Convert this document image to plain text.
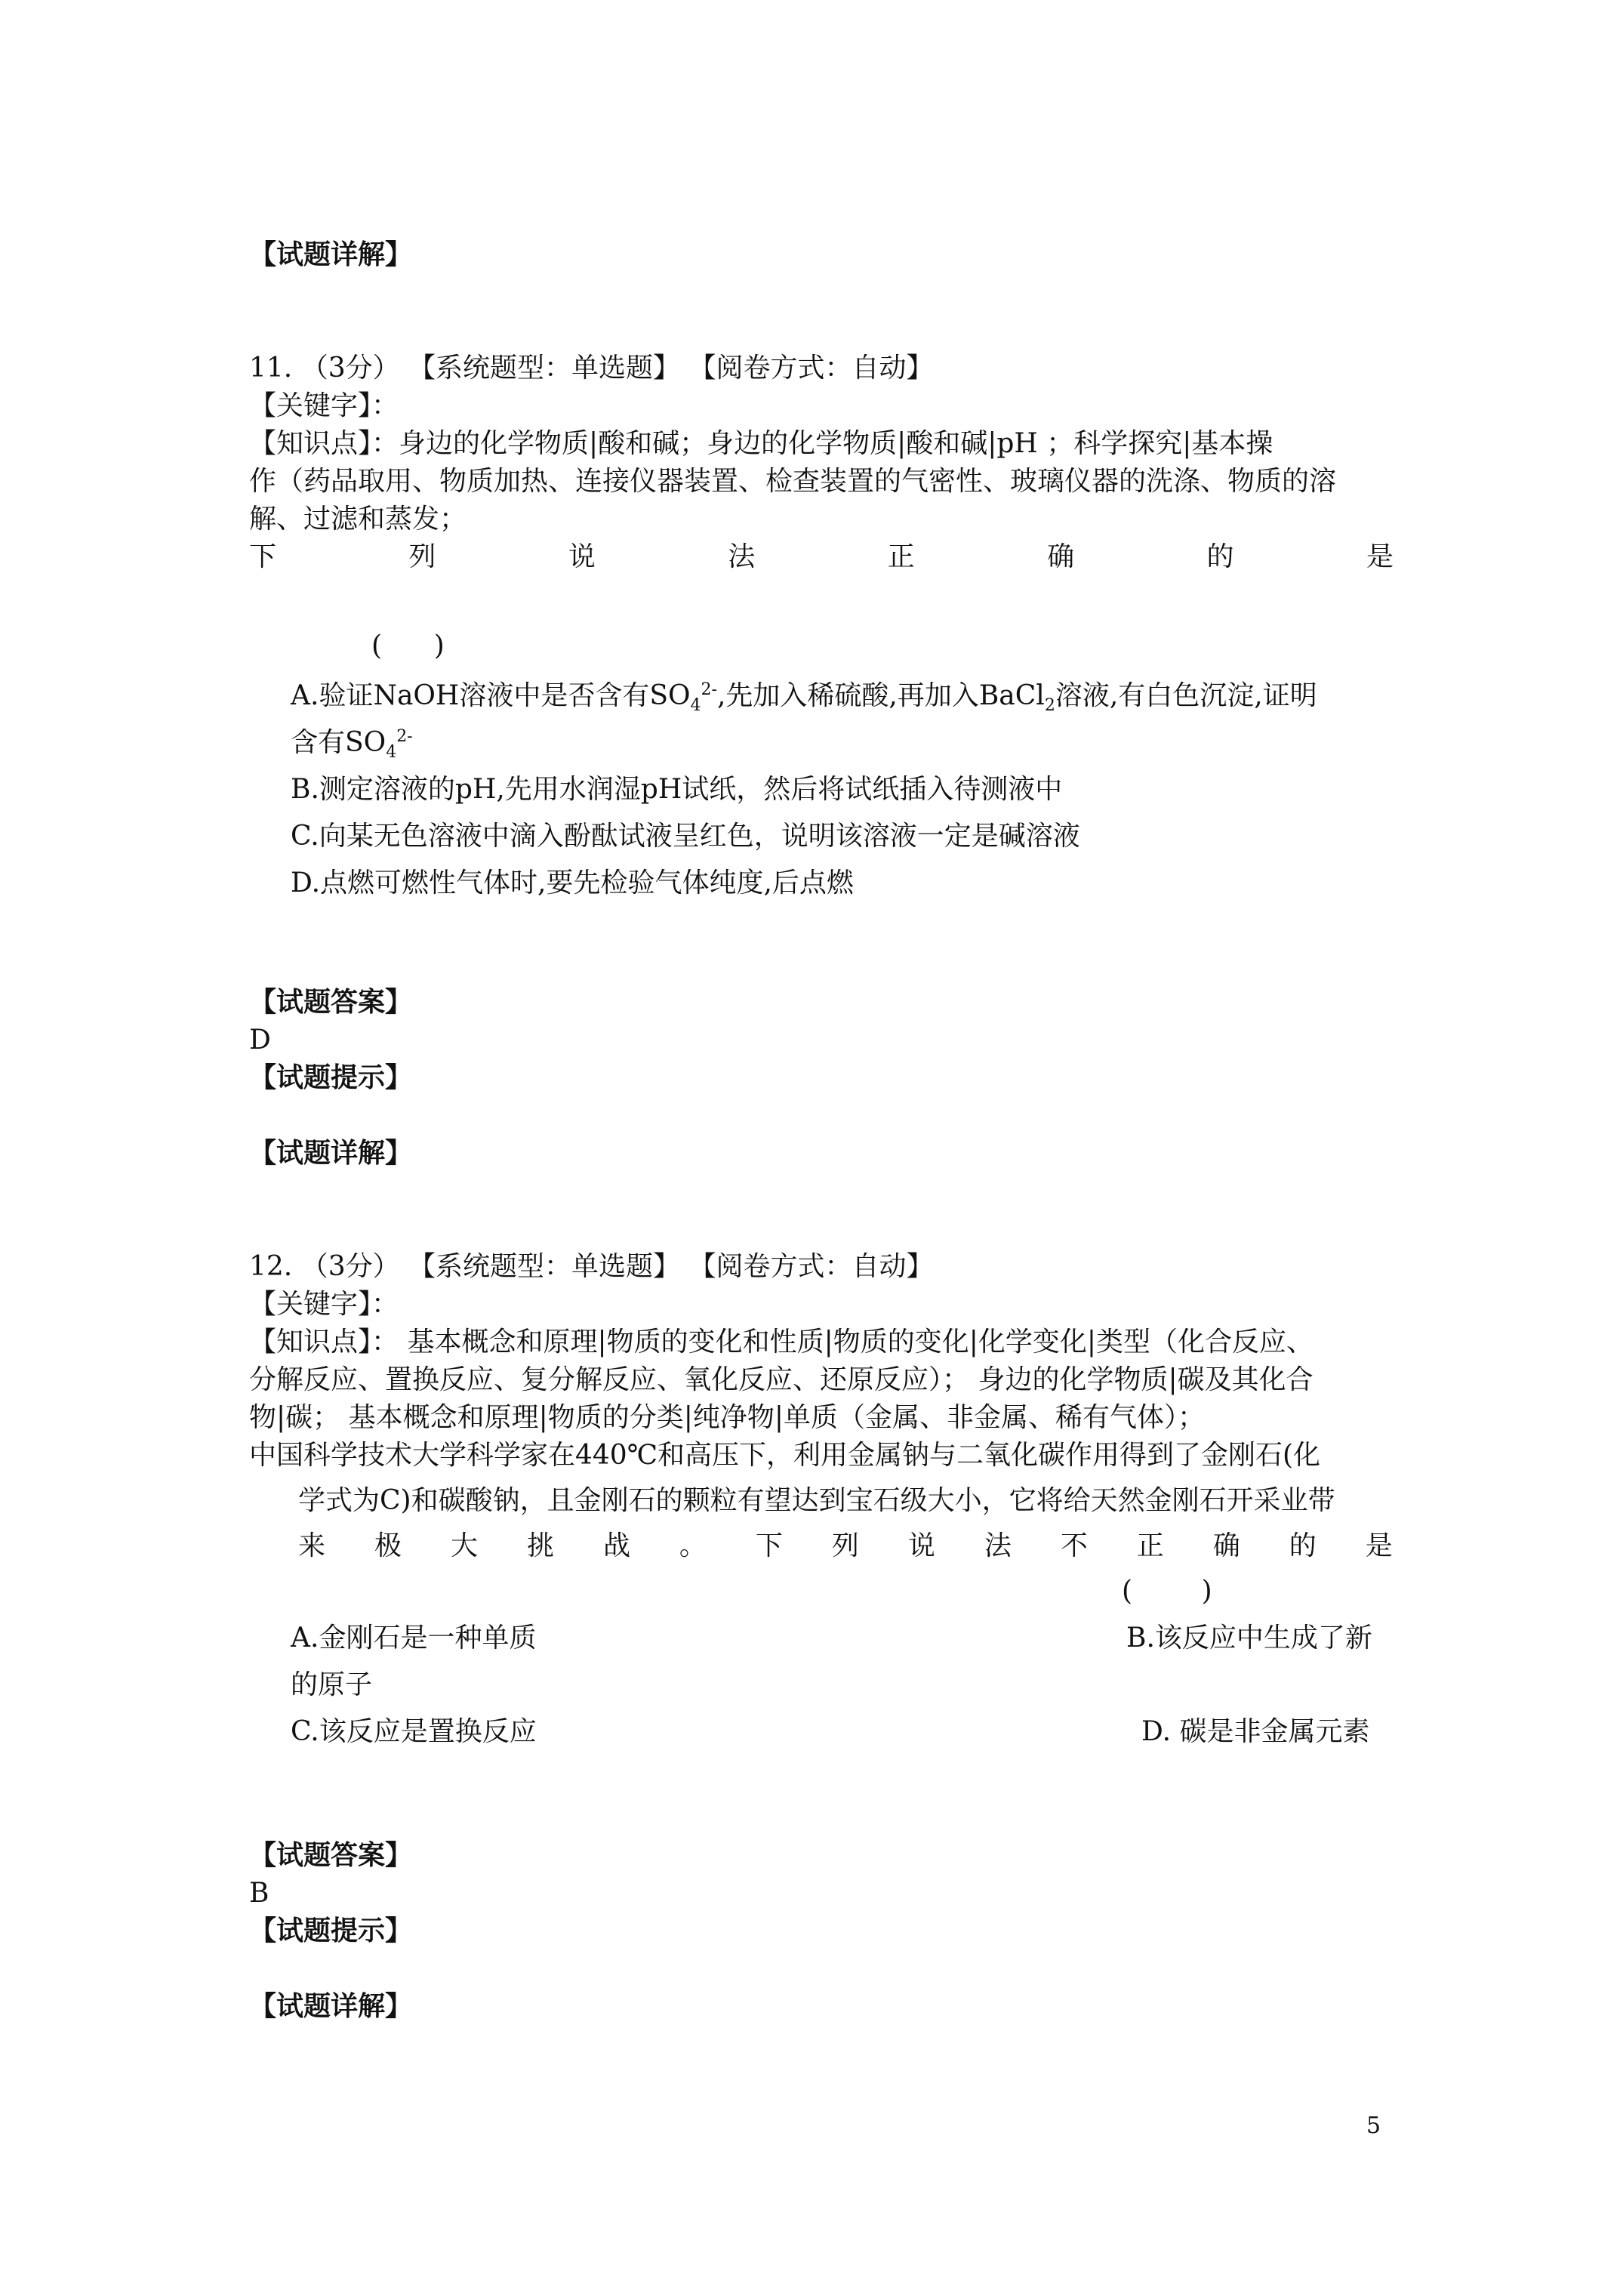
【试题详解】
11. （3分） 【系统题型：单选题】 【阅卷方式：自动】
【关键字】：
【知识点】：身边的化学物质|酸和碱；身边的化学物质|酸和碱|pH ；科学探究|基本操
作（药品取用、物质加热、连接仪器装置、检查装置的气密性、玻璃仪器的洗涤、物质的溶
解、过滤和蒸发；
下	列	说	法	正	确	的	是
(      )
A.验证NaOH溶液中是否含有$SO_4^{2-}$,先加入稀硫酸,再加入BaCl$_2$溶液,有白色沉淀,证明
含有$SO_4^{2-}$
B.测定溶液的pH,先用水润湿pH试纸，然后将试纸插入待测液中
C.向某无色溶液中滴入酚酞试液呈红色，说明该溶液一定是碱溶液
D.点燃可燃性气体时,要先检验气体纯度,后点燃
【试题答案】
D
【试题提示】
【试题详解】
12. （3分） 【系统题型：单选题】 【阅卷方式：自动】
【关键字】：
【知识点】： 基本概念和原理|物质的变化和性质|物质的变化|化学变化|类型（化合反应、
分解反应、置换反应、复分解反应、氧化反应、还原反应）； 身边的化学物质|碳及其化合
物|碳； 基本概念和原理|物质的分类|纯净物|单质（金属、非金属、稀有气体）；
中国科学技术大学科学家在440℃和高压下，利用金属钠与二氧化碳作用得到了金刚石(化
学式为C)和碳酸钠，且金刚石的颗粒有望达到宝石级大小，它将给天然金刚石开采业带
来 极 大 挑 战 。 下 列 说 法 不 正 确 的 是
(        )
A.金刚石是一种单质	B.该反应中生成了新
的原子
C.该反应是置换反应	D. 碳是非金属元素
【试题答案】
B
【试题提示】
【试题详解】
5
